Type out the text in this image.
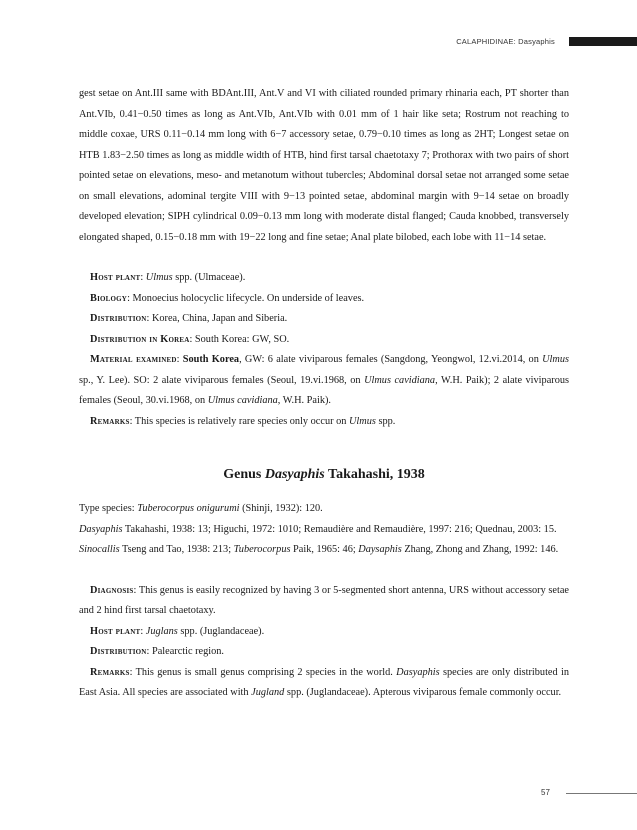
CALAPHIDINAE: Dasyaphis

gest setae on Ant.III same with BDAnt.III, Ant.V and VI with ciliated rounded primary rhinaria each, PT shorter than Ant.VIb, 0.41−0.50 times as long as Ant.VIb, Ant.VIb with 0.01 mm of 1 hair like seta; Rostrum not reaching to middle coxae, URS 0.11−0.14 mm long with 6−7 accessory setae, 0.79−0.10 times as long as 2HT; Longest setae on HTB 1.83−2.50 times as long as middle width of HTB, hind first tarsal chaetotaxy 7; Prothorax with two pairs of short pointed setae on elevations, meso- and metanotum without tubercles; Abdominal dorsal setae not arranged some setae on small elevations, adominal tergite VIII with 9−13 pointed setae, abdominal margin with 9−14 setae on broadly developed elevation; SIPH cylindrical 0.09−0.13 mm long with moderate distal flanged; Cauda knobbed, transversely elongated shaped, 0.15−0.18 mm with 19−22 long and fine setae; Anal plate bilobed, each lobe with 11−14 setae.

Host plant: Ulmus spp. (Ulmaceae).

Biology: Monoecius holocyclic lifecycle. On underside of leaves.

Distribution: Korea, China, Japan and Siberia.

Distribution in Korea: South Korea: GW, SO.

Material examined: South Korea, GW: 6 alate viviparous females (Sangdong, Yeongwol, 12.vi.2014, on Ulmus sp., Y. Lee). SO: 2 alate viviparous females (Seoul, 19.vi.1968, on Ulmus cavidiana, W.H. Paik); 2 alate viviparous females (Seoul, 30.vi.1968, on Ulmus cavidiana, W.H. Paik).

Remarks: This species is relatively rare species only occur on Ulmus spp.

Genus Dasyaphis Takahashi, 1938

Type species: Tuberocorpus onigurumi (Shinji, 1932): 120.

Dasyaphis Takahashi, 1938: 13; Higuchi, 1972: 1010; Remaudière and Remaudière, 1997: 216; Quednau, 2003: 15.

Sinocallis Tseng and Tao, 1938: 213; Tuberocorpus Paik, 1965: 46; Daysaphis Zhang, Zhong and Zhang, 1992: 146.

Diagnosis: This genus is easily recognized by having 3 or 5-segmented short antenna, URS without accessory setae and 2 hind first tarsal chaetotaxy.

Host plant: Juglans spp. (Juglandaceae).

Distribution: Palearctic region.

Remarks: This genus is small genus comprising 2 species in the world. Dasyaphis species are only distributed in East Asia. All species are associated with Jugland spp. (Juglandaceae). Apterous viviparous female commonly occur.

57
